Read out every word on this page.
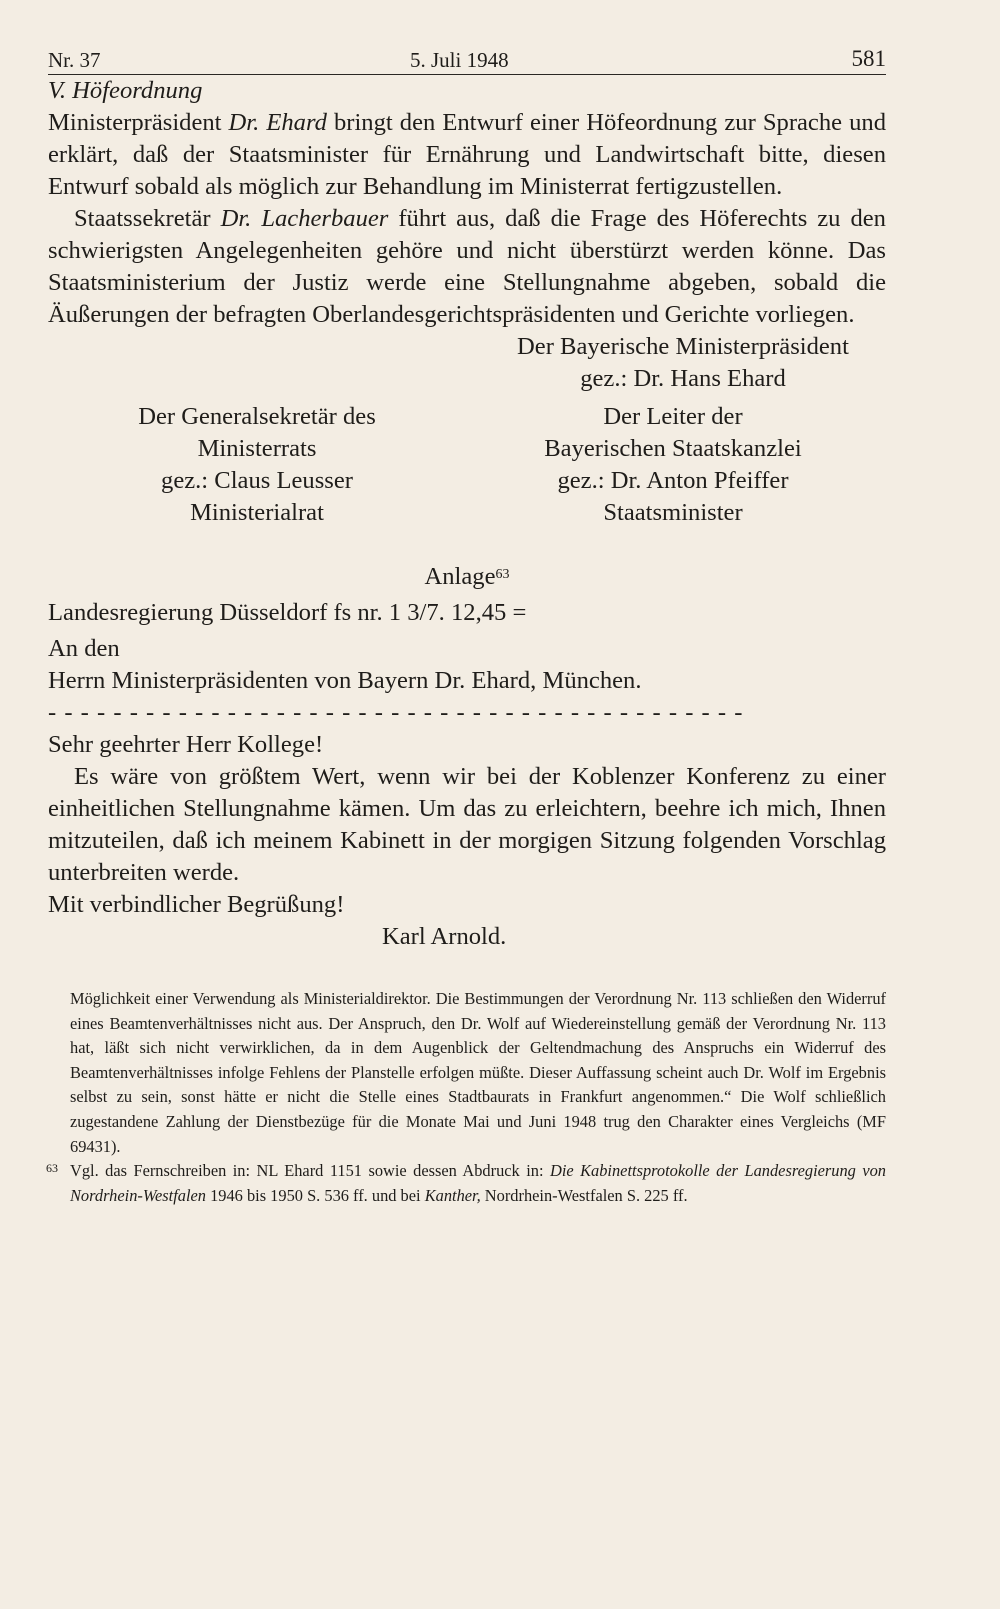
Nr. 37	5. Juli 1948	581

V. Höfeordnung

Ministerpräsident Dr. Ehard bringt den Entwurf einer Höfeordnung zur Sprache und erklärt, daß der Staatsminister für Ernährung und Landwirtschaft bitte, diesen Entwurf sobald als möglich zur Behandlung im Ministerrat fertigzustellen.

Staatssekretär Dr. Lacherbauer führt aus, daß die Frage des Höferechts zu den schwierigsten Angelegenheiten gehöre und nicht überstürzt werden könne. Das Staatsministerium der Justiz werde eine Stellungnahme abgeben, sobald die Äußerungen der befragten Oberlandesgerichtspräsidenten und Gerichte vorliegen.

Der Bayerische Ministerpräsident
gez.: Dr. Hans Ehard
Der Generalsekretär des
Ministerrats
gez.: Claus Leusser
Ministerialrat
Der Leiter der
Bayerischen Staatskanzlei
gez.: Dr. Anton Pfeiffer
Staatsminister

Anlage$^{63}$

Landesregierung Düsseldorf fs nr. 1 3/7. 12,45 =

An den

Herrn Ministerpräsidenten von Bayern Dr. Ehard, München.

- - - - - - - - - - - - - - - - - - - - - - - - - - - - - - - - - - - - - - - - - - -

Sehr geehrter Herr Kollege!

Es wäre von größtem Wert, wenn wir bei der Koblenzer Konferenz zu einer einheitlichen Stellungnahme kämen. Um das zu erleichtern, beehre ich mich, Ihnen mitzuteilen, daß ich meinem Kabinett in der morgigen Sitzung folgenden Vorschlag unterbreiten werde.

Mit verbindlicher Begrüßung!

Karl Arnold.

Möglichkeit einer Verwendung als Ministerialdirektor. Die Bestimmungen der Verordnung Nr. 113 schließen den Widerruf eines Beamtenverhältnisses nicht aus. Der Anspruch, den Dr. Wolf auf Wiedereinstellung gemäß der Verordnung Nr. 113 hat, läßt sich nicht verwirklichen, da in dem Augenblick der Geltendmachung des Anspruchs ein Widerruf des Beamtenverhältnisses infolge Fehlens der Planstelle erfolgen müßte. Dieser Auffassung scheint auch Dr. Wolf im Ergebnis selbst zu sein, sonst hätte er nicht die Stelle eines Stadtbaurats in Frankfurt angenommen.“ Die Wolf schließlich zugestandene Zahlung der Dienstbezüge für die Monate Mai und Juni 1948 trug den Charakter eines Vergleichs (MF 69431).

63 Vgl. das Fernschreiben in: NL Ehard 1151 sowie dessen Abdruck in: Die Kabinettsprotokolle der Landesregierung von Nordrhein-Westfalen 1946 bis 1950 S. 536 ff. und bei Kanther, Nordrhein-Westfalen S. 225 ff.
